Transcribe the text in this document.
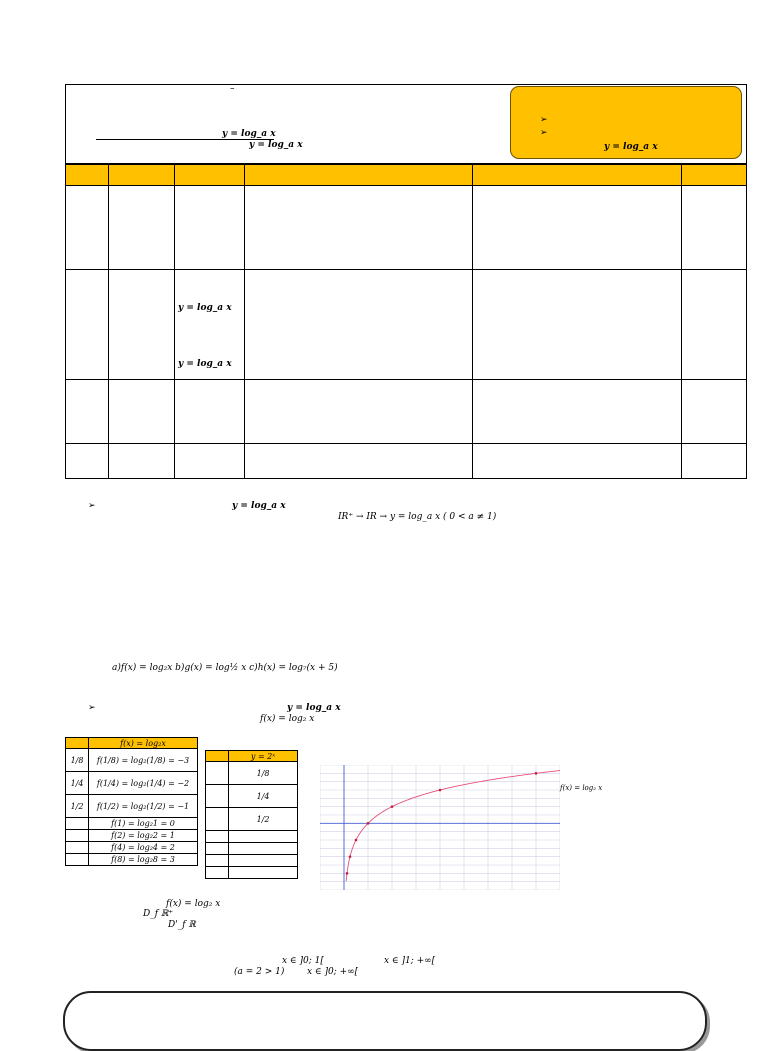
–
y = log_a x
y = log_a x
➢
➢
y = log_a x
y = log_a x
y = log_a x
➢	y = log_a x
IR⁺ → IR → y = log_a x ( 0 < a ≠ 1)
a)f(x) = log₂x b)g(x) = log½ x c)h(x) = log₇(x + 5)
➢	y = log_a x
f(x) = log₂ x
	f(x) = log₂x
1/8	f(1/8) = log₂(1/8) = −3
1/4	f(1/4) = log₂(1/4) = −2
1/2	f(1/2) = log₂(1/2) = −1
	f(1) = log₂1 = 0
	f(2) = log₂2 = 1
	f(4) = log₂4 = 2
	f(8) = log₂8 = 3
	y = 2ˣ
	1/8
	1/4
	1/2

f(x) = log₂ x
f(x) = log₂ x
D_f ℝ⁺
D'_f ℝ
x ∈ ]0; 1[	x ∈ ]1; +∞[
(a = 2 > 1)	x ∈ ]0; +∞[
